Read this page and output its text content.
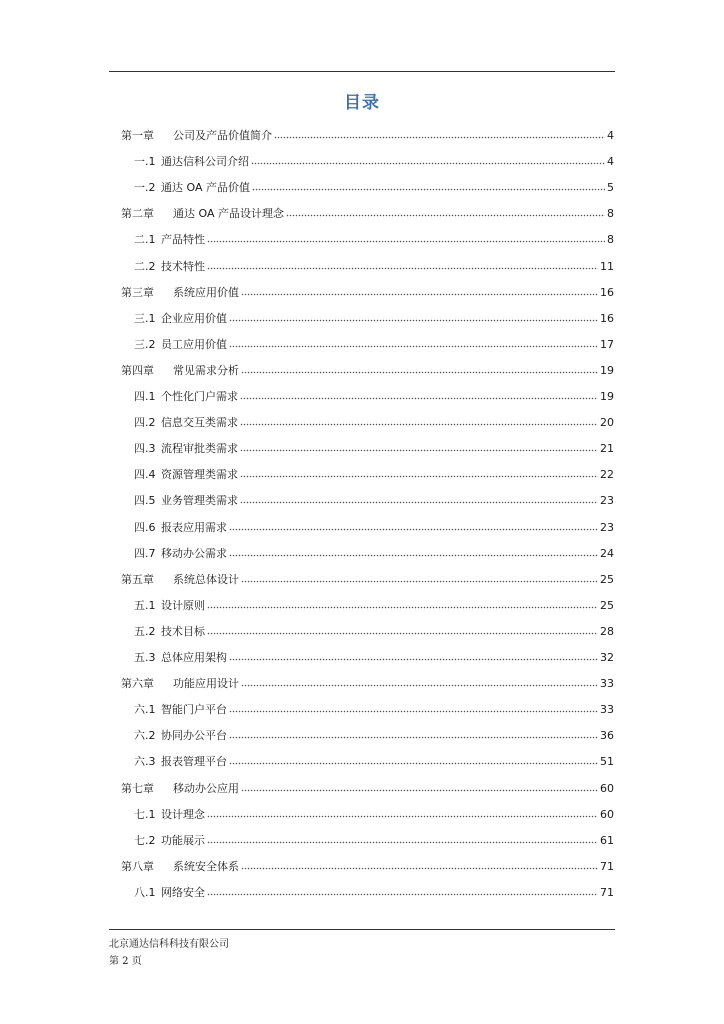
目录
第一章	公司及产品价值简介	4
一.1 通达信科公司介绍	4
一.2 通达 OA 产品价值	5
第二章	通达 OA 产品设计理念	8
二.1 产品特性	8
二.2 技术特性	11
第三章	系统应用价值	16
三.1 企业应用价值	16
三.2 员工应用价值	17
第四章	常见需求分析	19
四.1 个性化门户需求	19
四.2 信息交互类需求	20
四.3 流程审批类需求	21
四.4 资源管理类需求	22
四.5 业务管理类需求	23
四.6 报表应用需求	23
四.7 移动办公需求	24
第五章	系统总体设计	25
五.1 设计原则	25
五.2 技术目标	28
五.3 总体应用架构	32
第六章	功能应用设计	33
六.1 智能门户平台	33
六.2 协同办公平台	36
六.3 报表管理平台	51
第七章	移动办公应用	60
七.1 设计理念	60
七.2 功能展示	61
第八章	系统安全体系	71
八.1 网络安全	71
北京通达信科科技有限公司
第 2 页
